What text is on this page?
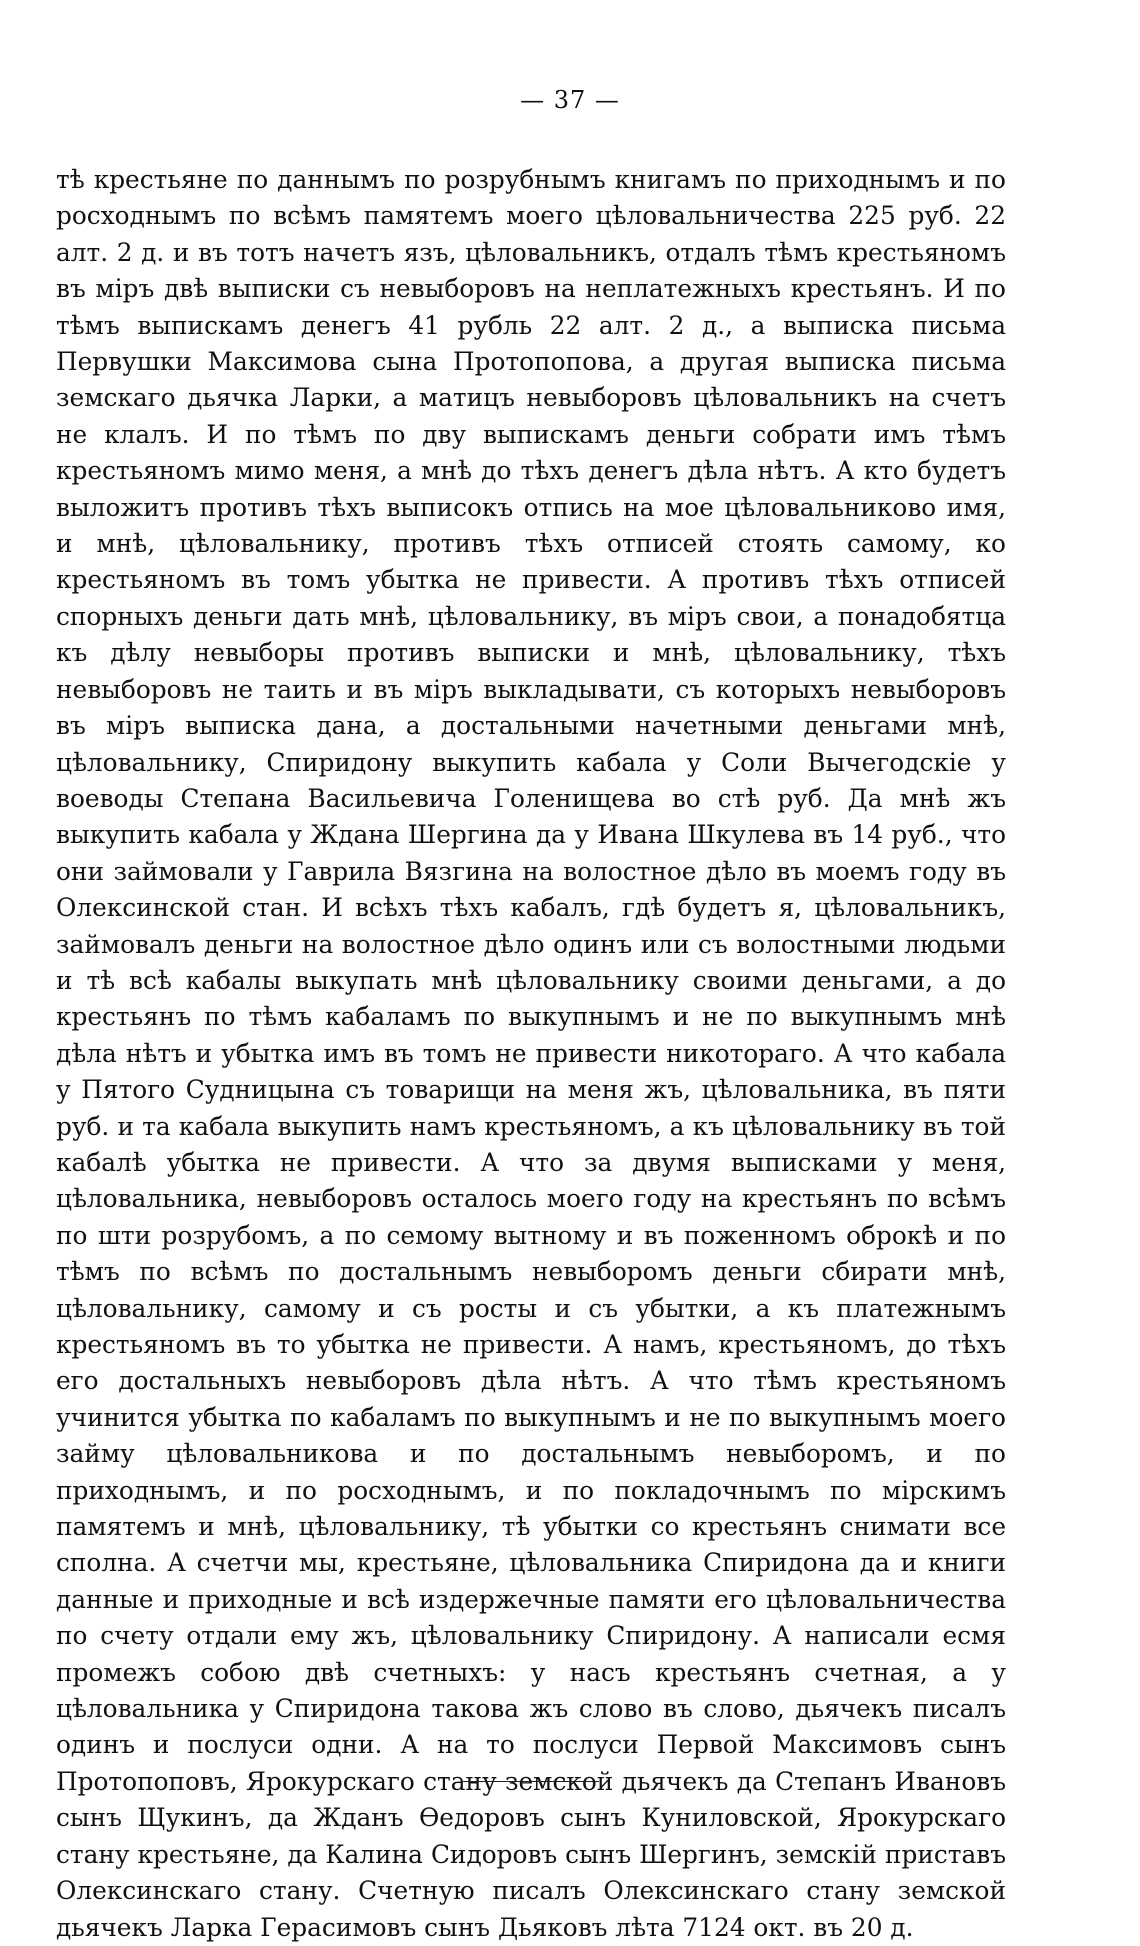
— 37 —

тѣ крестьяне по даннымъ по розрубнымъ книгамъ по приходнымъ и по росходнымъ по всѣмъ памятемъ моего цѣловальничества 225 руб. 22 алт. 2 д. и въ тотъ начетъ язъ, цѣловальникъ, отдалъ тѣмъ крестьяномъ въ міръ двѣ выписки съ невыборовъ на неплатежныхъ крестьянъ. И по тѣмъ выпискамъ денегъ 41 рубль 22 алт. 2 д., а выписка письма Первушки Максимова сына Протопопова, а другая выписка письма земскаго дьячка Ларки, а матицъ невыборовъ цѣловальникъ на счетъ не клалъ. И по тѣмъ по дву выпискамъ деньги собрати имъ тѣмъ крестьяномъ мимо меня, а мнѣ до тѣхъ денегъ дѣла нѣтъ. А кто будетъ выложитъ противъ тѣхъ выписокъ отпись на мое цѣловальниково имя, и мнѣ, цѣловальнику, противъ тѣхъ отписей стоять самому, ко крестьяномъ въ томъ убытка не привести. А противъ тѣхъ отписей спорныхъ деньги дать мнѣ, цѣловальнику, въ міръ свои, а понадобятца къ дѣлу невыборы противъ выписки и мнѣ, цѣловальнику, тѣхъ невыборовъ не таить и въ міръ выкладывати, съ которыхъ невыборовъ въ міръ выписка дана, а достальными начетными деньгами мнѣ, цѣловальнику, Спиридону выкупить кабала у Соли Вычегодскіе у воеводы Степана Васильевича Голенищева во стѣ руб. Да мнѣ жъ выкупить кабала у Ждана Шергина да у Ивана Шкулева въ 14 руб., что они займовали у Гаврила Вязгина на волостное дѣло въ моемъ году въ Олексинской стан. И всѣхъ тѣхъ кабалъ, гдѣ будетъ я, цѣловальникъ, займовалъ деньги на волостное дѣло одинъ или съ волостными людьми и тѣ всѣ кабалы выкупать мнѣ цѣловальнику своими деньгами, а до крестьянъ по тѣмъ кабаламъ по выкупнымъ и не по выкупнымъ мнѣ дѣла нѣтъ и убытка имъ въ томъ не привести никотораго. А что кабала у Пятого Судницына съ товарищи на меня жъ, цѣловальника, въ пяти руб. и та кабала выкупить намъ крестьяномъ, а къ цѣловальнику въ той кабалѣ убытка не привести. А что за двумя выписками у меня, цѣловальника, невыборовъ осталось моего году на крестьянъ по всѣмъ по шти розрубомъ, а по семому вытному и въ поженномъ оброкѣ и по тѣмъ по всѣмъ по достальнымъ невыборомъ деньги сбирати мнѣ, цѣловальнику, самому и съ росты и съ убытки, а къ платежнымъ крестьяномъ въ то убытка не привести. А намъ, крестьяномъ, до тѣхъ его достальныхъ невыборовъ дѣла нѣтъ. А что тѣмъ крестьяномъ учинится убытка по кабаламъ по выкупнымъ и не по выкупнымъ моего займу цѣловальникова и по достальнымъ невыборомъ, и по приходнымъ, и по росходнымъ, и по покладочнымъ по мірскимъ памятемъ и мнѣ, цѣловальнику, тѣ убытки со крестьянъ снимати все сполна. А счетчи мы, крестьяне, цѣловальника Спиридона да и книги данные и приходные и всѣ издержечные памяти его цѣловальничества по счету отдали ему жъ, цѣловальнику Спиридону. А написали есмя промежъ собою двѣ счетныхъ: у насъ крестьянъ счетная, а у цѣловальника у Спиридона такова жъ слово въ слово, дьячекъ писалъ одинъ и послуси одни. А на то послуси Первой Максимовъ сынъ Протопоповъ, Ярокурскаго стану земской дьячекъ да Степанъ Ивановъ сынъ Щукинъ, да Жданъ Ѳедоровъ сынъ Куниловской, Ярокурскаго стану крестьяне, да Калина Сидоровъ сынъ Шергинъ, земскій приставъ Олексинскаго стану. Счетную писалъ Олексинскаго стану земской дьячекъ Ларка Герасимовъ сынъ Дьяковъ лѣта 7124 окт. въ 20 д.
